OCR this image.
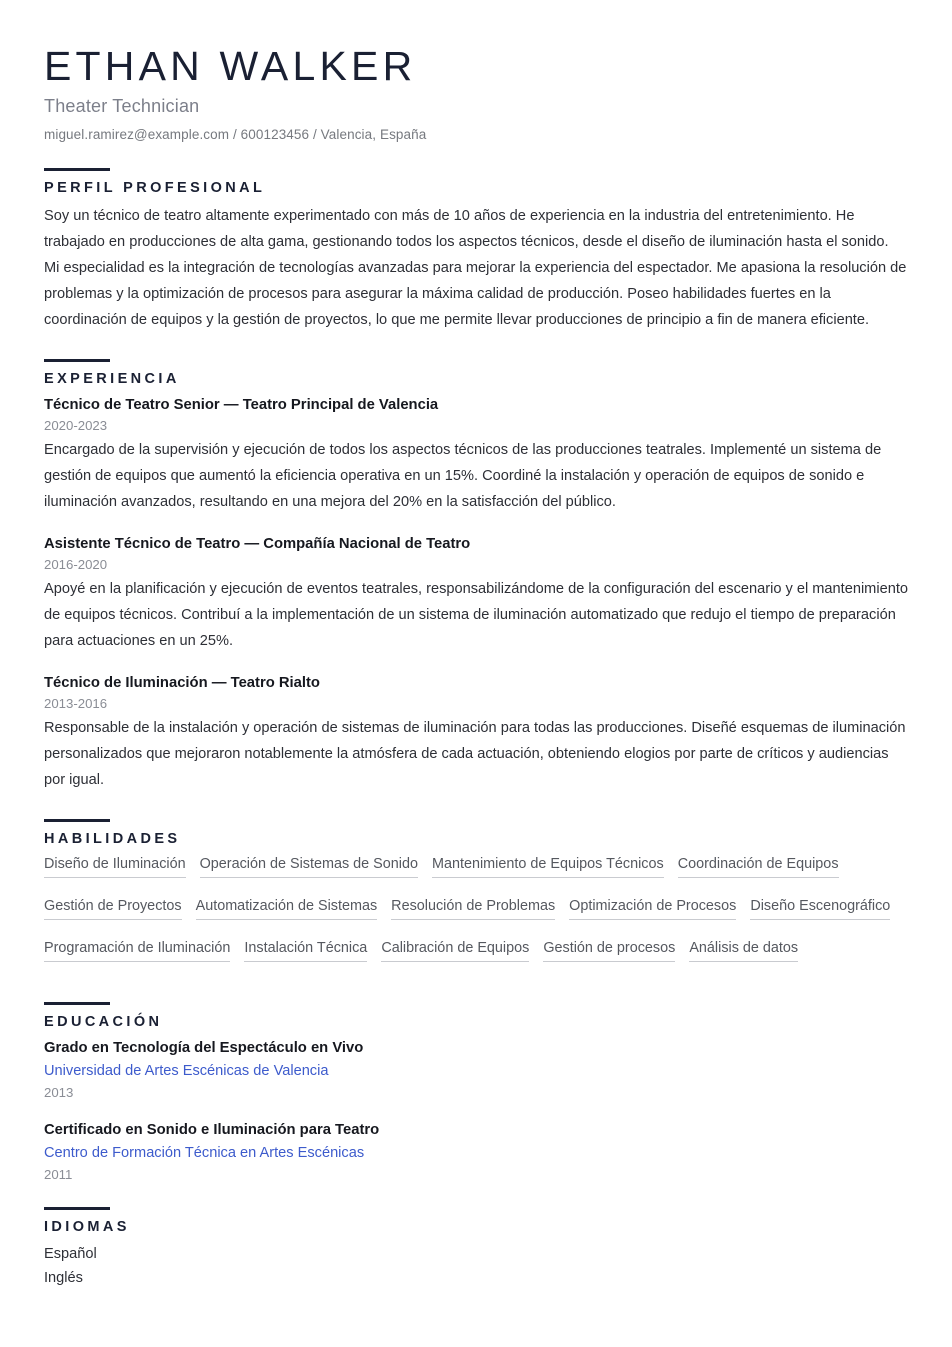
ETHAN WALKER
Theater Technician
miguel.ramirez@example.com / 600123456 / Valencia, España
PERFIL PROFESIONAL

Soy un técnico de teatro altamente experimentado con más de 10 años de experiencia en la industria del entretenimiento. He trabajado en producciones de alta gama, gestionando todos los aspectos técnicos, desde el diseño de iluminación hasta el sonido. Mi especialidad es la integración de tecnologías avanzadas para mejorar la experiencia del espectador. Me apasiona la resolución de problemas y la optimización de procesos para asegurar la máxima calidad de producción. Poseo habilidades fuertes en la coordinación de equipos y la gestión de proyectos, lo que me permite llevar producciones de principio a fin de manera eficiente.

EXPERIENCIA
Técnico de Teatro Senior — Teatro Principal de Valencia
2020-2023

Encargado de la supervisión y ejecución de todos los aspectos técnicos de las producciones teatrales. Implementé un sistema de gestión de equipos que aumentó la eficiencia operativa en un 15%. Coordiné la instalación y operación de equipos de sonido e iluminación avanzados, resultando en una mejora del 20% en la satisfacción del público.

Asistente Técnico de Teatro — Compañía Nacional de Teatro
2016-2020

Apoyé en la planificación y ejecución de eventos teatrales, responsabilizándome de la configuración del escenario y el mantenimiento de equipos técnicos. Contribuí a la implementación de un sistema de iluminación automatizado que redujo el tiempo de preparación para actuaciones en un 25%.

Técnico de Iluminación — Teatro Rialto
2013-2016

Responsable de la instalación y operación de sistemas de iluminación para todas las producciones. Diseñé esquemas de iluminación personalizados que mejoraron notablemente la atmósfera de cada actuación, obteniendo elogios por parte de críticos y audiencias por igual.

HABILIDADES
Diseño de Iluminación Operación de Sistemas de Sonido Mantenimiento de Equipos Técnicos Coordinación de Equipos
Gestión de Proyectos Automatización de Sistemas Resolución de Problemas Optimización de Procesos Diseño Escenográfico
Programación de Iluminación Instalación Técnica Calibración de Equipos Gestión de procesos Análisis de datos
EDUCACIÓN
Grado en Tecnología del Espectáculo en Vivo
Universidad de Artes Escénicas de Valencia
2013
Certificado en Sonido e Iluminación para Teatro
Centro de Formación Técnica en Artes Escénicas
2011
IDIOMAS
Español
Inglés
